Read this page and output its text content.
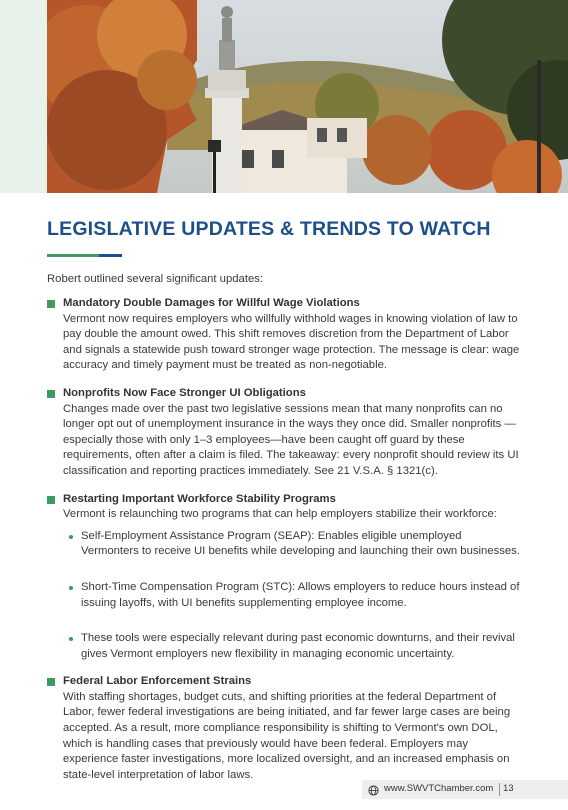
LEGISLATIVE UPDATES & TRENDS TO WATCH

Robert outlined several significant updates:

Mandatory Double Damages for Willful Wage Violations

Vermont now requires employers who willfully withhold wages in knowing violation of law to pay double the amount owed. This shift removes discretion from the Department of Labor and signals a statewide push toward stronger wage protection. The message is clear: wage accuracy and timely payment must be treated as non-negotiable.

Nonprofits Now Face Stronger UI Obligations

Changes made over the past two legislative sessions mean that many nonprofits can no longer opt out of unemployment insurance in the ways they once did. Smaller nonprofits —especially those with only 1–3 employees—have been caught off guard by these requirements, often after a claim is filed. The takeaway: every nonprofit should review its UI classification and reporting practices immediately. See 21 V.S.A. § 1321(c).

Restarting Important Workforce Stability Programs

Vermont is relaunching two programs that can help employers stabilize their workforce:

Self-Employment Assistance Program (SEAP): Enables eligible unemployed Vermonters to receive UI benefits while developing and launching their own businesses.
Short-Time Compensation Program (STC): Allows employers to reduce hours instead of issuing layoffs, with UI benefits supplementing employee income.
These tools were especially relevant during past economic downturns, and their revival gives Vermont employers new flexibility in managing economic uncertainty.

Federal Labor Enforcement Strains

With staffing shortages, budget cuts, and shifting priorities at the federal Department of Labor, fewer federal investigations are being initiated, and far fewer large cases are being accepted. As a result, more compliance responsibility is shifting to Vermont's own DOL, which is handling cases that previously would have been federal. Employers may experience faster investigations, more localized oversight, and an increased emphasis on state-level interpretation of labor laws.

www.SWVTChamber.com 13
